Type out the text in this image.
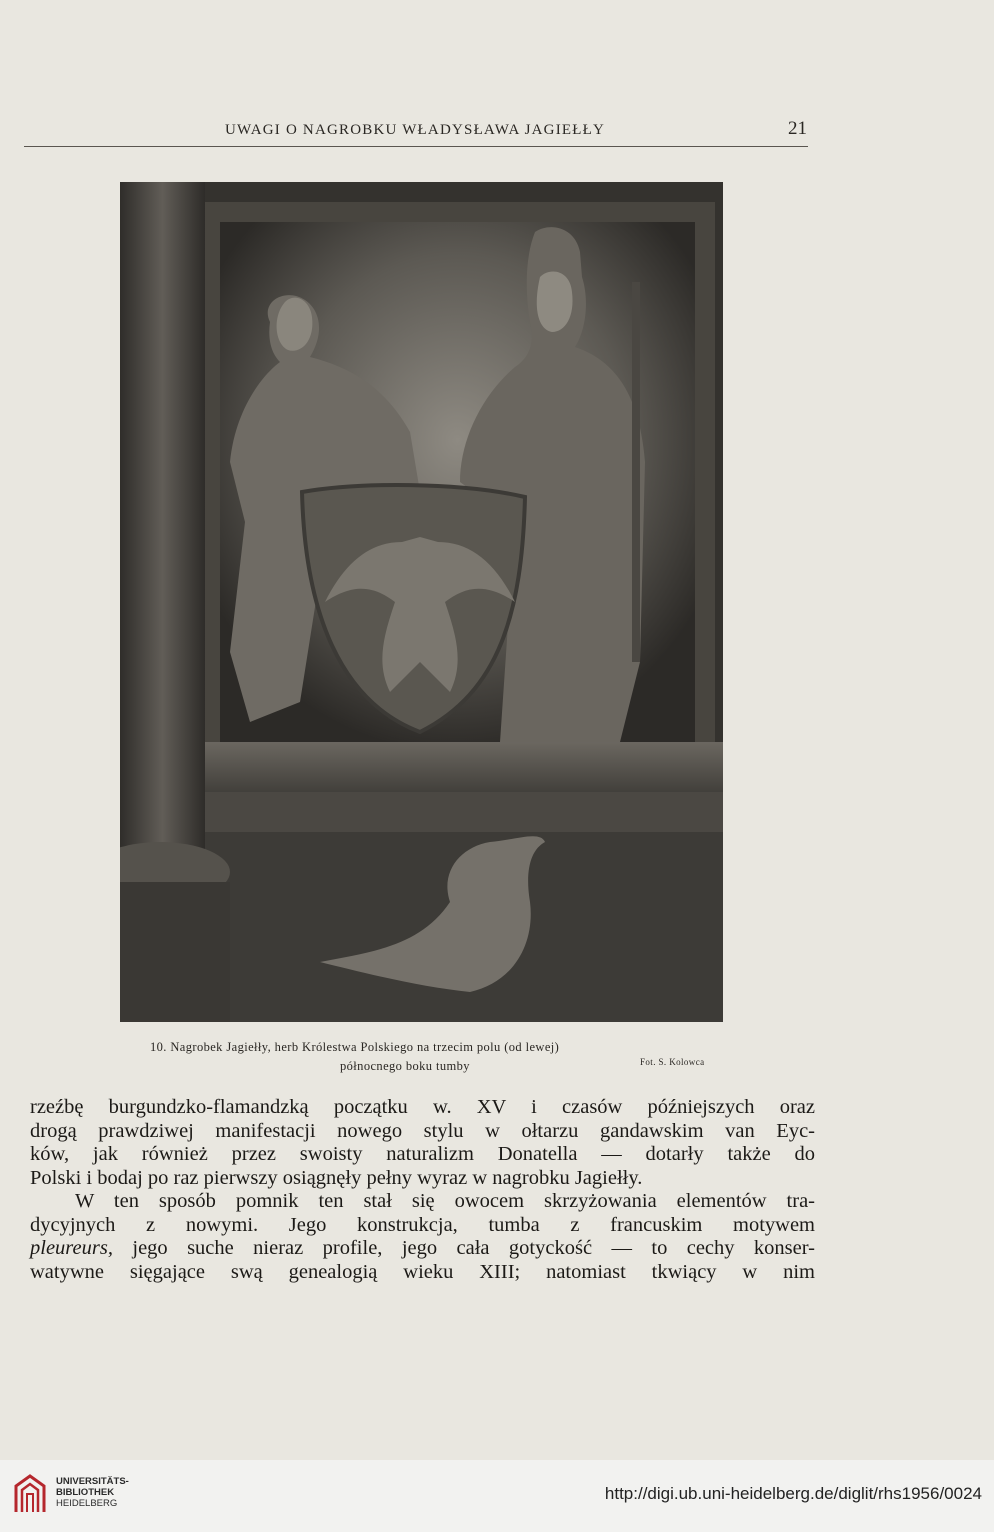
UWAGI O NAGROBKU WŁADYSŁAWA JAGIEŁŁY	21
10. Nagrobek Jagiełły, herb Królestwa Polskiego na trzecim polu (od lewej)
północnego boku tumby	Fot. S. Kolowca

rzeźbę burgundzko-flamandzką początku w. XV i czasów późniejszych oraz

drogą prawdziwej manifestacji nowego stylu w ołtarzu gandawskim van Eyc-

ków, jak również przez swoisty naturalizm Donatella — dotarły także do

Polski i bodaj po raz pierwszy osiągnęły pełny wyraz w nagrobku Jagiełły.

W ten sposób pomnik ten stał się owocem skrzyżowania elementów tra-

dycyjnych z nowymi. Jego konstrukcja, tumba z francuskim motywem

pleureurs, jego suche nieraz profile, jego cała gotyckość — to cechy konser-

watywne sięgające swą genealogią wieku XIII; natomiast tkwiący w nim

UNIVERSITÄTS-
BIBLIOTHEK
HEIDELBERG
http://digi.ub.uni-heidelberg.de/diglit/rhs1956/0024
